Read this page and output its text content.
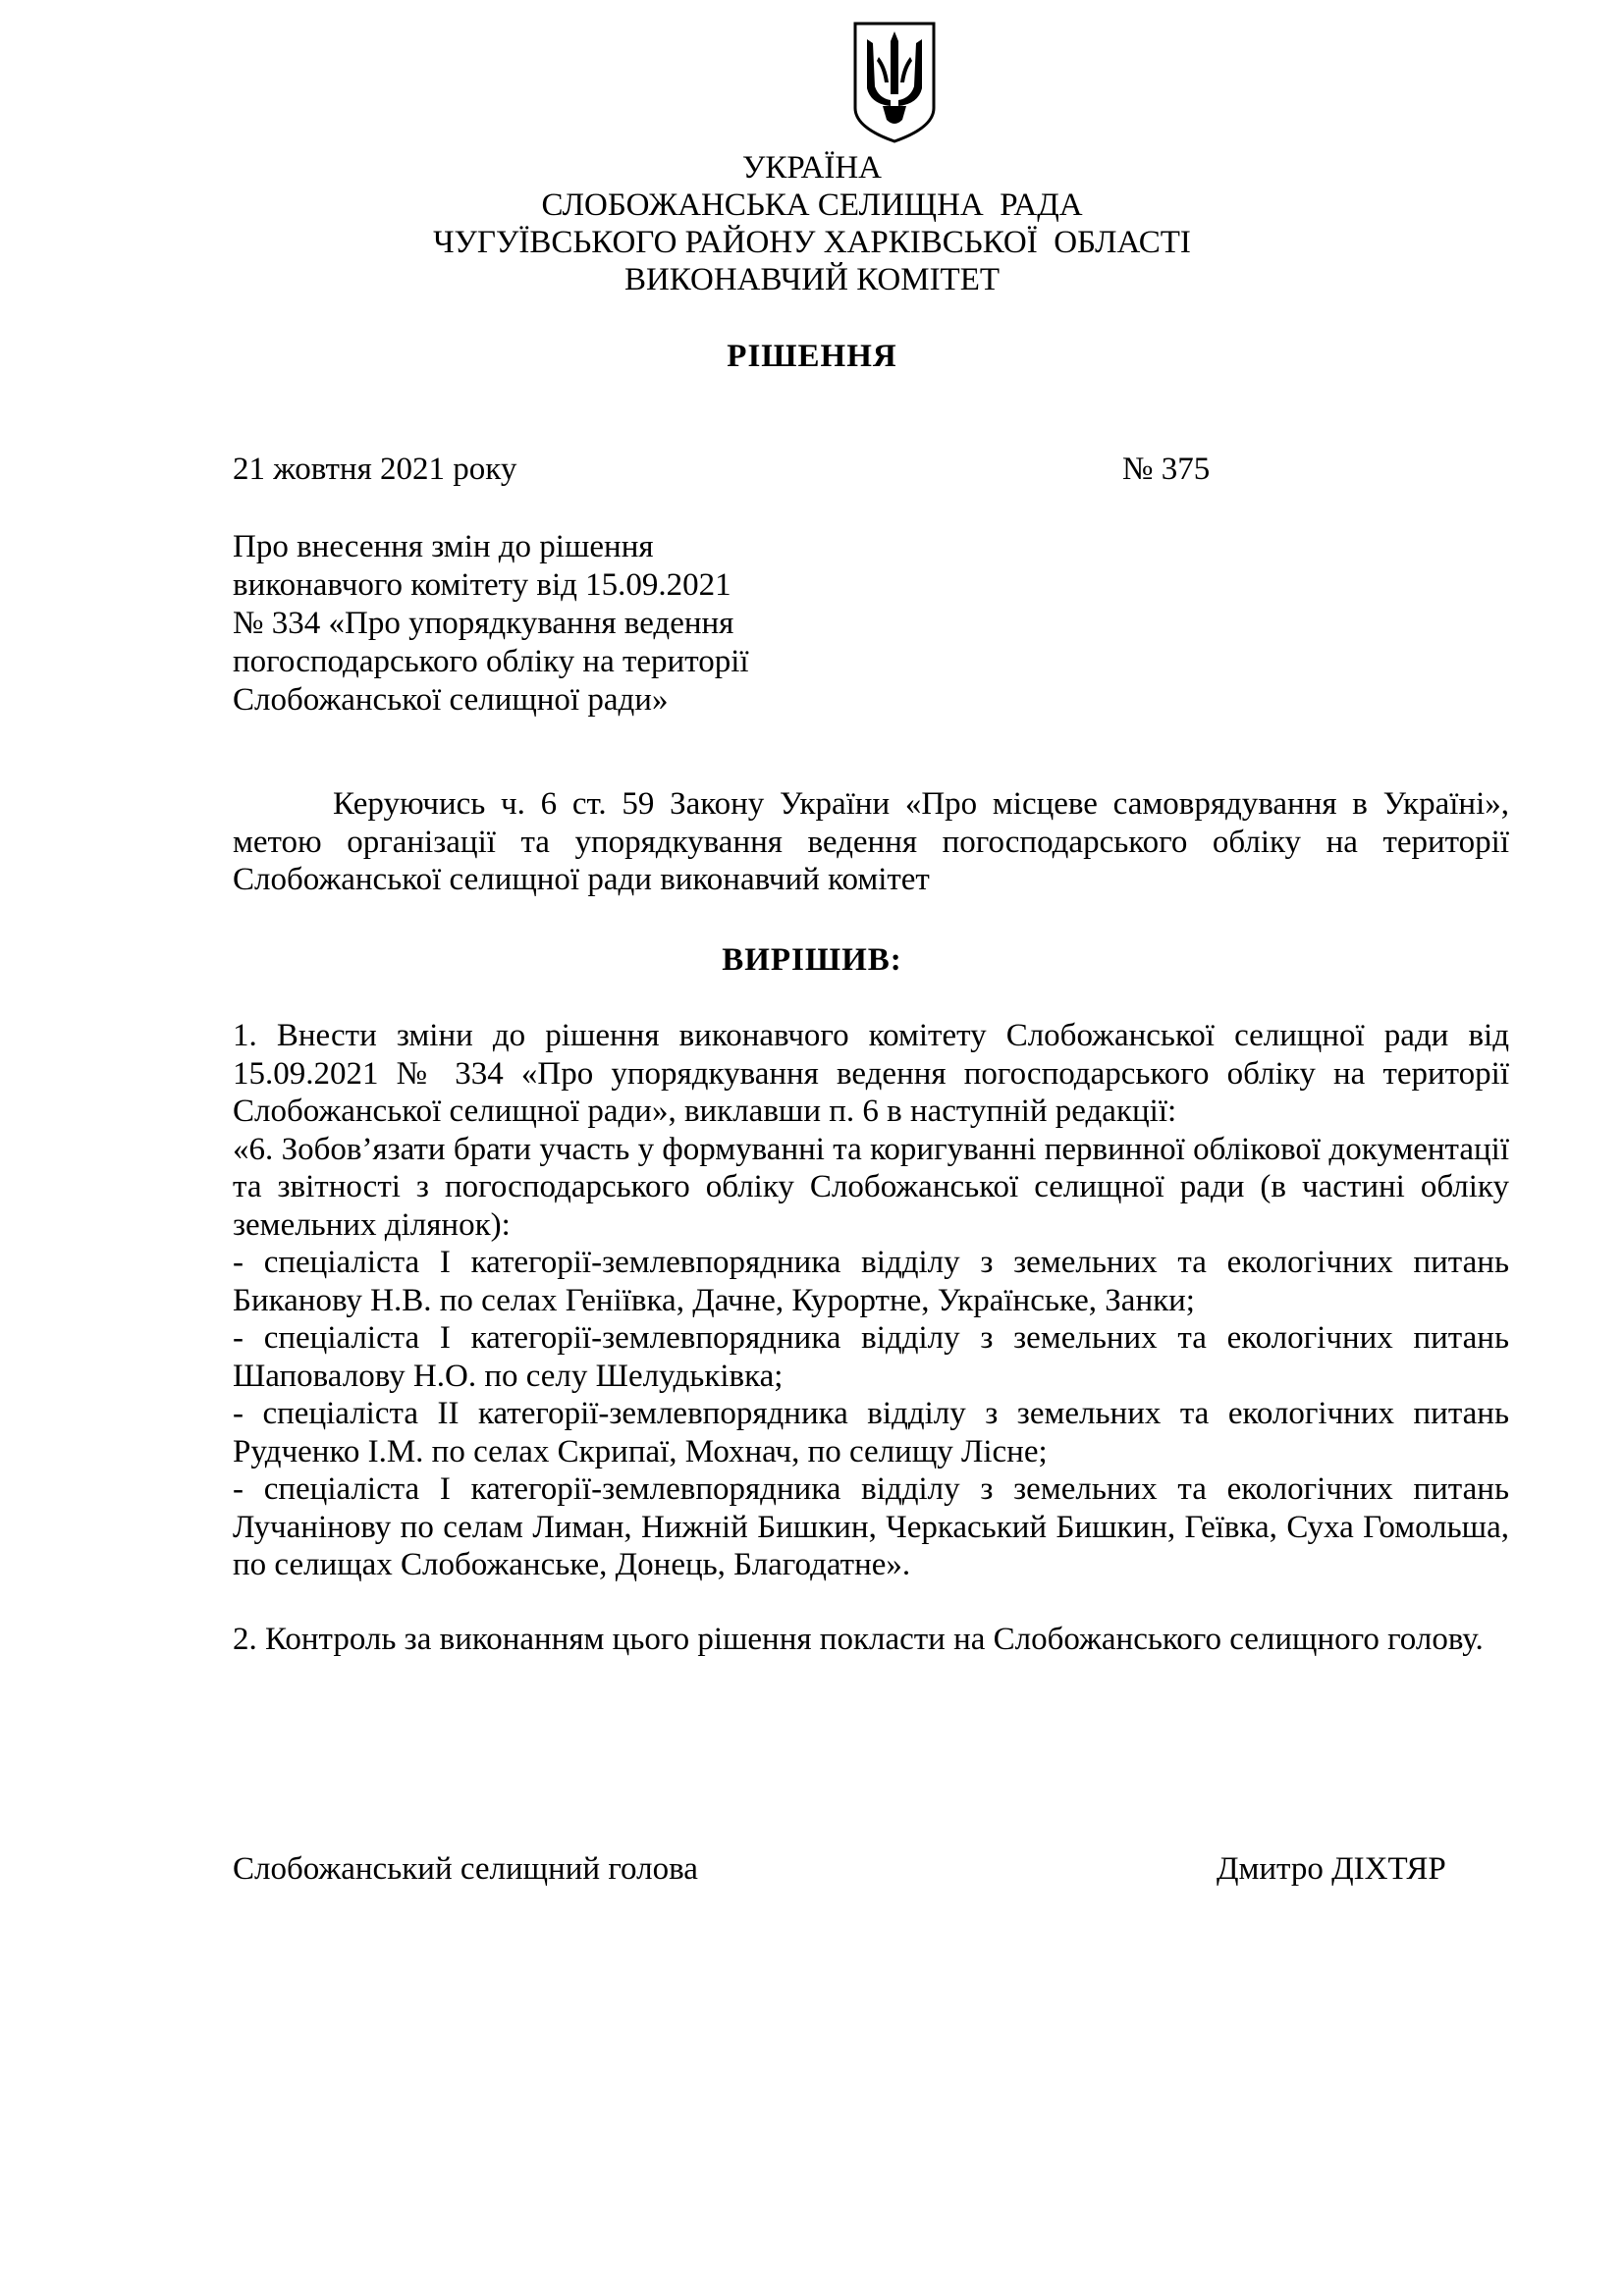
УКРАЇНА
СЛОБОЖАНСЬКА СЕЛИЩНА  РАДА
ЧУГУЇВСЬКОГО РАЙОНУ ХАРКІВСЬКОЇ  ОБЛАСТІ
ВИКОНАВЧИЙ КОМІТЕТ
РІШЕННЯ
21 жовтня 2021 року	№ 375
Про внесення змін до рішення
виконавчого комітету від 15.09.2021
№ 334 «Про упорядкування ведення
погосподарського обліку на території
Слобожанської селищної ради»

Керуючись ч. 6 ст. 59 Закону України «Про місцеве самоврядування в Україні», метою організації та упорядкування ведення погосподарського обліку на території Слобожанської селищної ради виконавчий комітет

ВИРІШИВ:

1. Внести зміни до рішення виконавчого комітету Слобожанської селищної ради від 15.09.2021 № 334 «Про упорядкування ведення погосподарського обліку на території Слобожанської селищної ради», виклавши п. 6 в наступній редакції:

«6. Зобов’язати брати участь у формуванні та коригуванні первинної облікової документації та звітності з погосподарського обліку Слобожанської селищної ради (в частині обліку земельних ділянок):

- спеціаліста І категорії-землевпорядника відділу з земельних та екологічних питань Биканову Н.В. по селах Геніївка, Дачне, Курортне, Українське, Занки;

- спеціаліста І категорії-землевпорядника відділу з земельних та екологічних питань Шаповалову Н.О. по селу Шелудьківка;

- спеціаліста ІІ категорії-землевпорядника відділу з земельних та екологічних питань Рудченко І.М. по селах Скрипаї, Мохнач, по селищу Лісне;

- спеціаліста І категорії-землевпорядника відділу з земельних та екологічних питань Лучанінову по селам Лиман, Нижній Бишкин, Черкаський Бишкин, Геївка, Суха Гомольша, по селищах Слобожанське, Донець, Благодатне».

2. Контроль за виконанням цього рішення покласти на Слобожанського селищного голову.
Слобожанський селищний голова	Дмитро ДІХТЯР
